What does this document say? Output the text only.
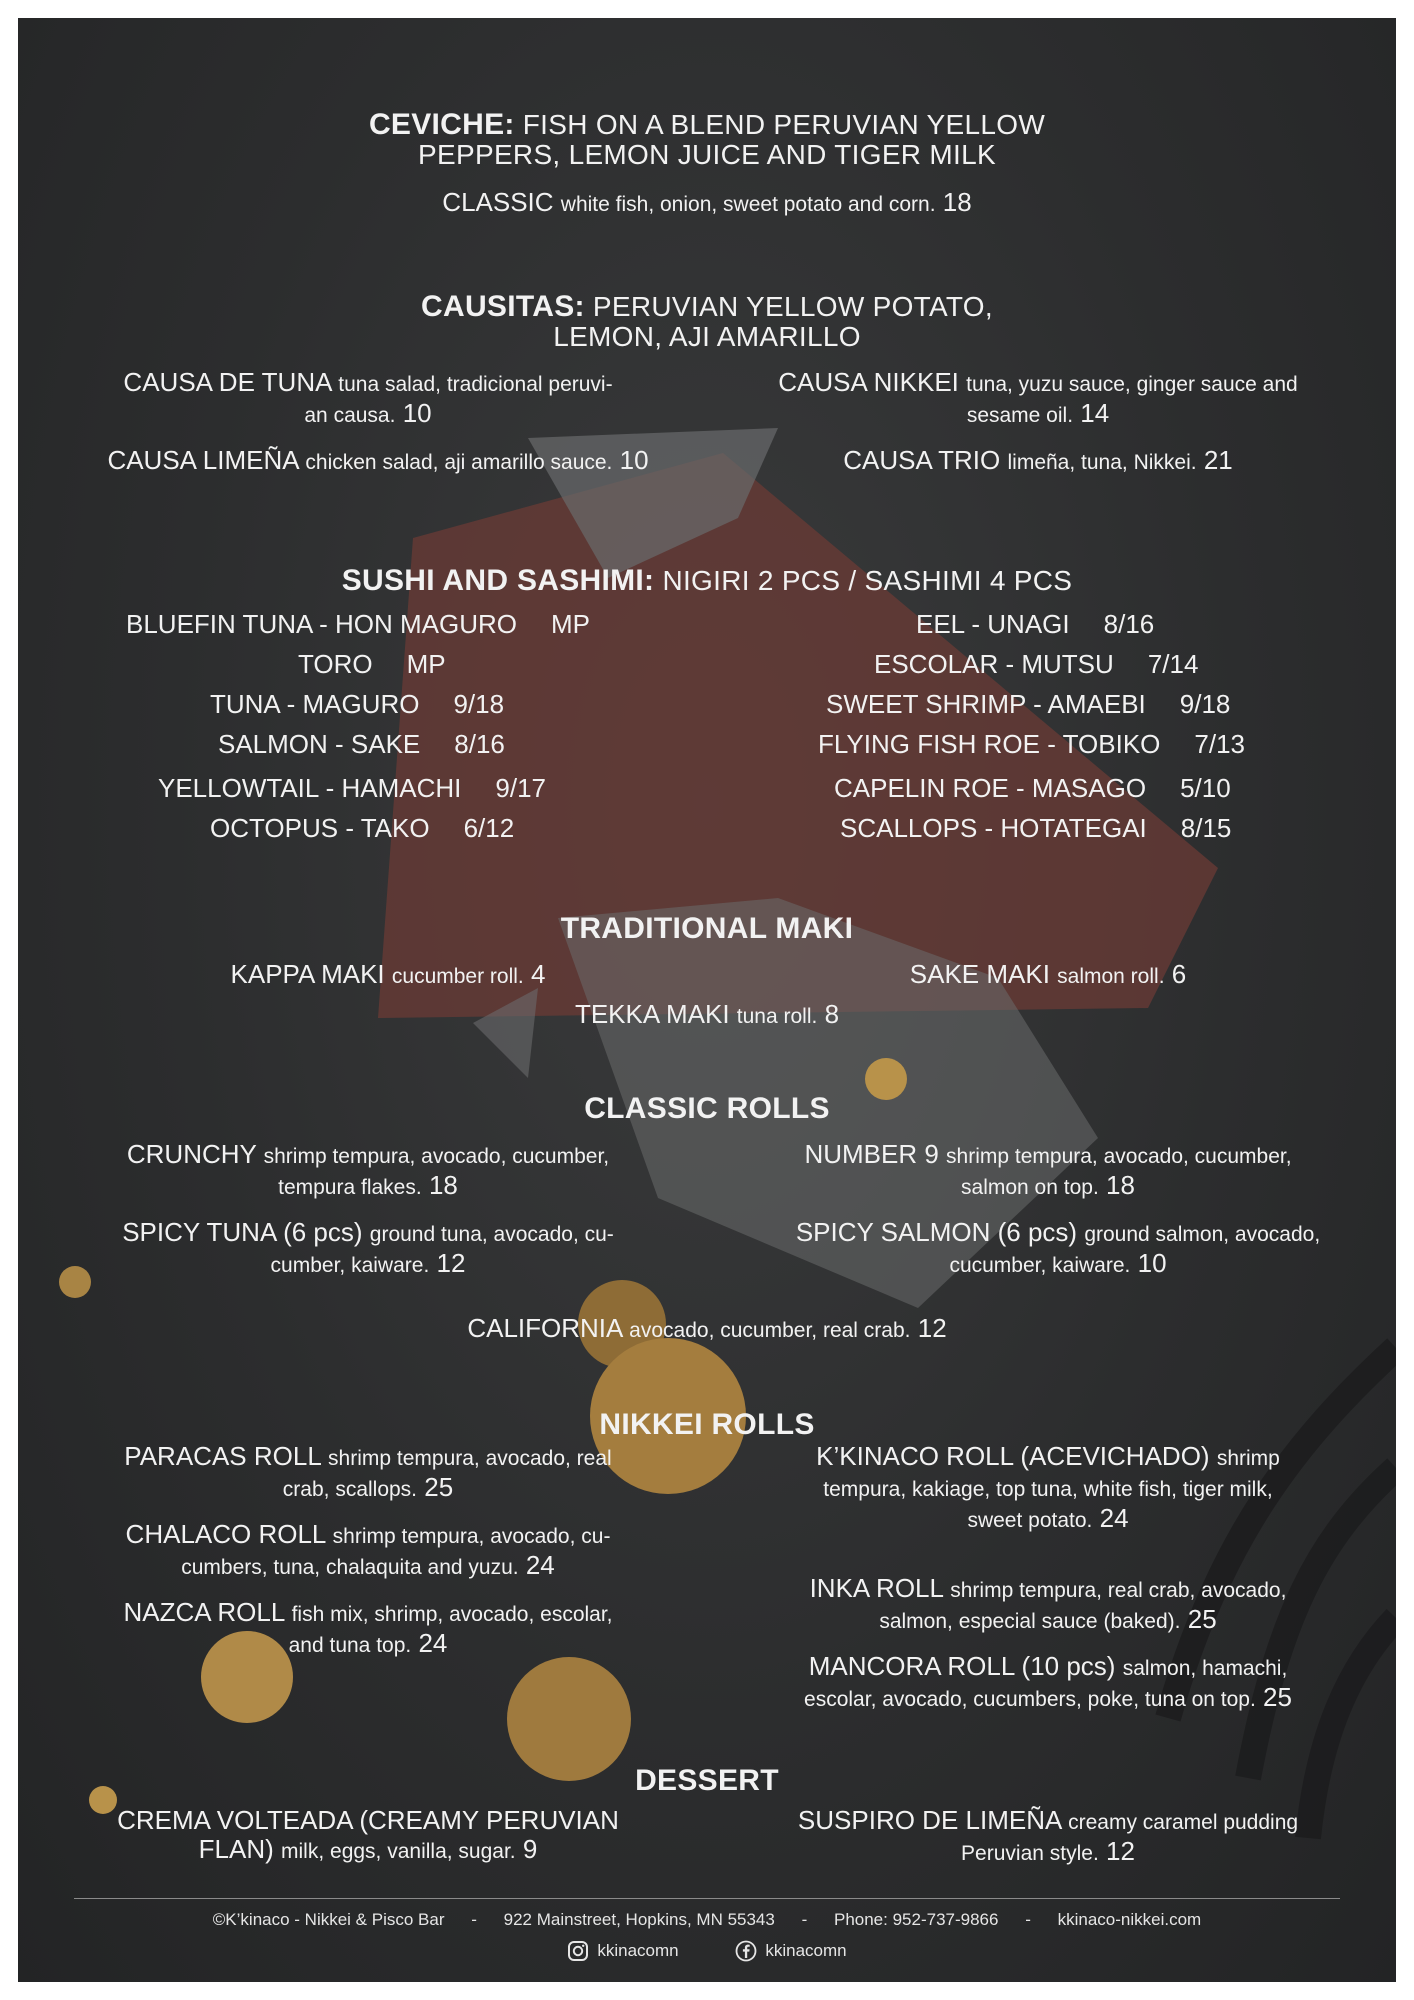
CEVICHE: FISH ON A BLEND PERUVIAN YELLOW
PEPPERS, LEMON JUICE AND TIGER MILK
CLASSIC white fish, onion, sweet potato and corn. 18
CAUSITAS: PERUVIAN YELLOW POTATO,
LEMON, AJI AMARILLO
CAUSA DE TUNA tuna salad, tradicional peruvi-
an causa. 10
CAUSA NIKKEI tuna, yuzu sauce, ginger sauce and
sesame oil. 14
CAUSA LIMEÑA chicken salad, aji amarillo sauce. 10	CAUSA TRIO limeña, tuna, Nikkei. 21
SUSHI AND SASHIMI: NIGIRI 2 PCS / SASHIMI 4 PCS
BLUEFIN TUNA - HON MAGURO MP
TORO MP
TUNA - MAGURO 9/18
SALMON - SAKE 8/16
YELLOWTAIL - HAMACHI 9/17
OCTOPUS - TAKO 6/12
EEL - UNAGI 8/16
ESCOLAR - MUTSU 7/14
SWEET SHRIMP - AMAEBI 9/18
FLYING FISH ROE - TOBIKO 7/13
CAPELIN ROE - MASAGO 5/10
SCALLOPS - HOTATEGAI 8/15
TRADITIONAL MAKI
KAPPA MAKI cucumber roll. 4	SAKE MAKI salmon roll. 6
TEKKA MAKI tuna roll. 8
CLASSIC ROLLS
CRUNCHY shrimp tempura, avocado, cucumber,
tempura flakes. 18
NUMBER 9 shrimp tempura, avocado, cucumber,
salmon on top. 18
SPICY TUNA (6 pcs) ground tuna, avocado, cu-
cumber, kaiware. 12
SPICY SALMON (6 pcs) ground salmon, avocado,
cucumber, kaiware. 10
CALIFORNIA avocado, cucumber, real crab. 12
NIKKEI ROLLS
PARACAS ROLL shrimp tempura, avocado, real
crab, scallops. 25
K’KINACO ROLL (ACEVICHADO) shrimp
tempura, kakiage, top tuna, white fish, tiger milk,
sweet potato. 24
CHALACO ROLL shrimp tempura, avocado, cu-
cumbers, tuna, chalaquita and yuzu. 24
INKA ROLL shrimp tempura, real crab, avocado,
salmon, especial sauce (baked). 25
NAZCA ROLL fish mix, shrimp, avocado, escolar,
and tuna top. 24
MANCORA ROLL (10 pcs) salmon, hamachi,
escolar, avocado, cucumbers, poke, tuna on top. 25
DESSERT
CREMA VOLTEADA (CREAMY PERUVIAN
FLAN) milk, eggs, vanilla, sugar. 9
SUSPIRO DE LIMEÑA creamy caramel pudding
Peruvian style. 12
©K’kinaco - Nikkei & Pisco Bar - 922 Mainstreet, Hopkins, MN 55343 - Phone: 952-737-9866 - kkinaco-nikkei.com
kkinacomn
	kkinacomn
